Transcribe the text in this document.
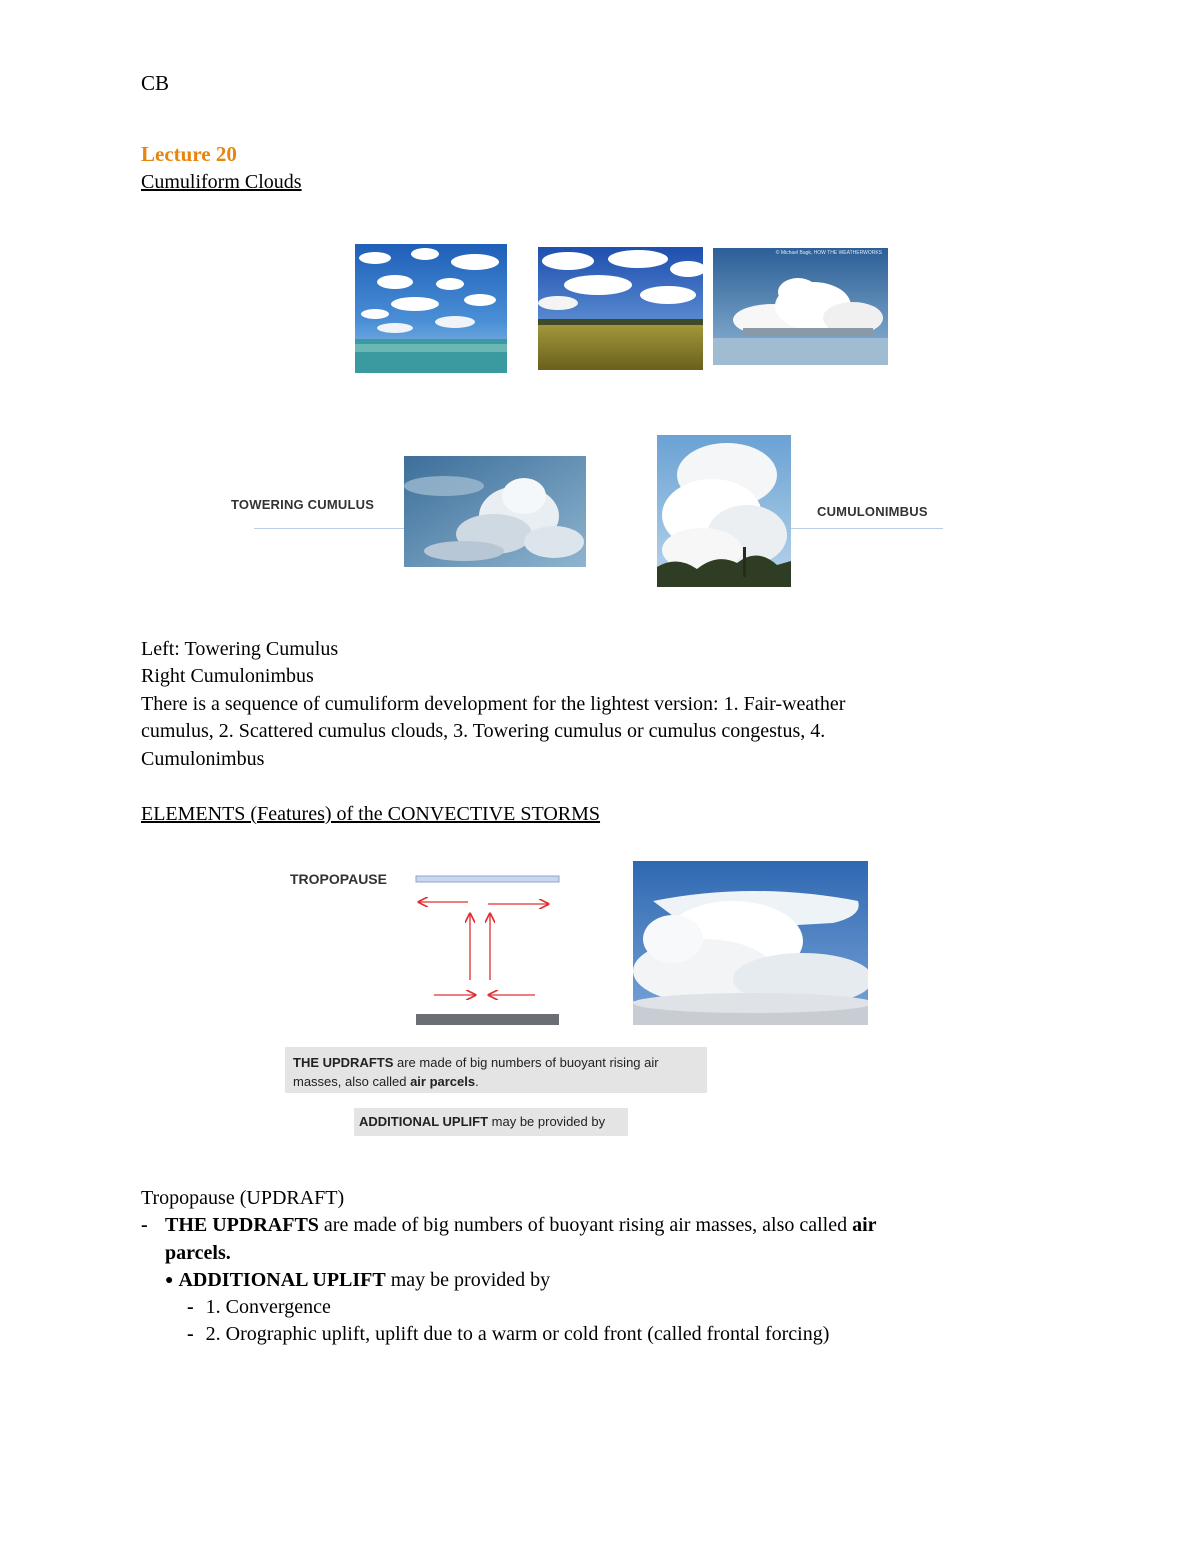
CB
Lecture 20
Cumuliform Clouds
© Michael Bagk, HOW THE WEATHERWORKS
TOWERING CUMULUS	CUMULONIMBUS
Left: Towering Cumulus
Right Cumulonimbus
There is a sequence of cumuliform development for the lightest version: 1. Fair-weather
cumulus, 2. Scattered cumulus clouds, 3. Towering cumulus or cumulus congestus, 4.
Cumulonimbus
ELEMENTS (Features) of the CONVECTIVE STORMS
TROPOPAUSE
THE UPDRAFTS are made of big numbers of buoyant rising air
masses, also called air parcels.
ADDITIONAL UPLIFT may be provided by
Tropopause (UPDRAFT)
- THE UPDRAFTS are made of big numbers of buoyant rising air masses, also called air
parcels.
● ADDITIONAL UPLIFT may be provided by
- 1. Convergence
- 2. Orographic uplift, uplift due to a warm or cold front (called frontal forcing)
